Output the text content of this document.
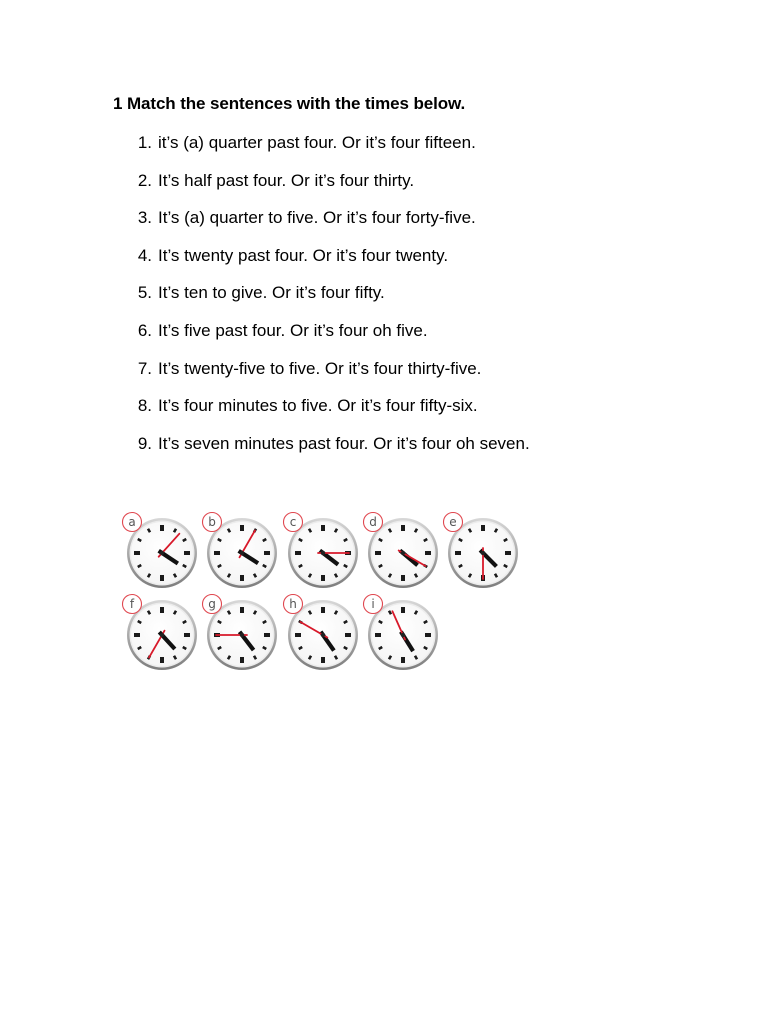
1 Match the sentences with the times below.
1. it’s (a) quarter past four. Or it’s four fifteen.
2. It’s half past four. Or it’s four thirty.
3. It’s (a) quarter to five. Or it’s four forty-five.
4. It’s twenty past four. Or it’s four twenty.
5. It’s ten to give. Or it’s four fifty.
6. It’s five past four. Or it’s four oh five.
7. It’s twenty-five to five. Or it’s four thirty-five.
8. It’s four minutes to five. Or it’s four fifty-six.
9. It’s seven minutes past four. Or it’s four oh seven.
a	b	c	d	e
f	g	h	i
